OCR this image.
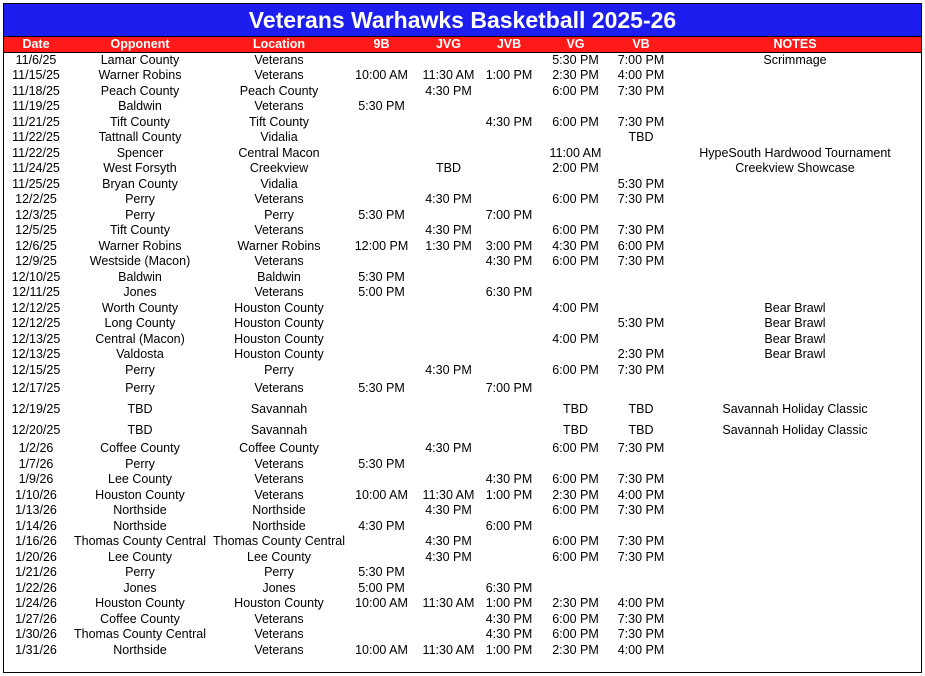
Veterans Warhawks Basketball 2025-26
Date	Opponent	Location	9B	JVG	JVB	VG	VB	NOTES
11/6/25	Lamar County	Veterans				5:30 PM	7:00 PM	Scrimmage
11/15/25	Warner Robins	Veterans	10:00 AM	11:30 AM	1:00 PM	2:30 PM	4:00 PM	
11/18/25	Peach County	Peach County		4:30 PM		6:00 PM	7:30 PM	
11/19/25	Baldwin	Veterans	5:30 PM					
11/21/25	Tift County	Tift County			4:30 PM	6:00 PM	7:30 PM	
11/22/25	Tattnall County	Vidalia					TBD	
11/22/25	Spencer	Central Macon				11:00 AM		HypeSouth Hardwood Tournament
11/24/25	West Forsyth	Creekview		TBD		2:00 PM		Creekview Showcase
11/25/25	Bryan County	Vidalia					5:30 PM	
12/2/25	Perry	Veterans		4:30 PM		6:00 PM	7:30 PM	
12/3/25	Perry	Perry	5:30 PM		7:00 PM			
12/5/25	Tift County	Veterans		4:30 PM		6:00 PM	7:30 PM	
12/6/25	Warner Robins	Warner Robins	12:00 PM	1:30 PM	3:00 PM	4:30 PM	6:00 PM	
12/9/25	Westside (Macon)	Veterans			4:30 PM	6:00 PM	7:30 PM	
12/10/25	Baldwin	Baldwin	5:30 PM					
12/11/25	Jones	Veterans	5:00 PM		6:30 PM			
12/12/25	Worth County	Houston County				4:00 PM		Bear Brawl
12/12/25	Long County	Houston County					5:30 PM	Bear Brawl
12/13/25	Central (Macon)	Houston County				4:00 PM		Bear Brawl
12/13/25	Valdosta	Houston County					2:30 PM	Bear Brawl
12/15/25	Perry	Perry		4:30 PM		6:00 PM	7:30 PM	
12/17/25	Perry	Veterans	5:30 PM		7:00 PM			
12/19/25	TBD	Savannah				TBD	TBD	Savannah Holiday Classic
12/20/25	TBD	Savannah				TBD	TBD	Savannah Holiday Classic
1/2/26	Coffee County	Coffee County		4:30 PM		6:00 PM	7:30 PM	
1/7/26	Perry	Veterans	5:30 PM					
1/9/26	Lee County	Veterans			4:30 PM	6:00 PM	7:30 PM	
1/10/26	Houston County	Veterans	10:00 AM	11:30 AM	1:00 PM	2:30 PM	4:00 PM	
1/13/26	Northside	Northside		4:30 PM		6:00 PM	7:30 PM	
1/14/26	Northside	Northside	4:30 PM		6:00 PM			
1/16/26	Thomas County Central	Thomas County Central		4:30 PM		6:00 PM	7:30 PM	
1/20/26	Lee County	Lee County		4:30 PM		6:00 PM	7:30 PM	
1/21/26	Perry	Perry	5:30 PM					
1/22/26	Jones	Jones	5:00 PM		6:30 PM			
1/24/26	Houston County	Houston County	10:00 AM	11:30 AM	1:00 PM	2:30 PM	4:00 PM	
1/27/26	Coffee County	Veterans			4:30 PM	6:00 PM	7:30 PM	
1/30/26	Thomas County Central	Veterans			4:30 PM	6:00 PM	7:30 PM	
1/31/26	Northside	Veterans	10:00 AM	11:30 AM	1:00 PM	2:30 PM	4:00 PM	
